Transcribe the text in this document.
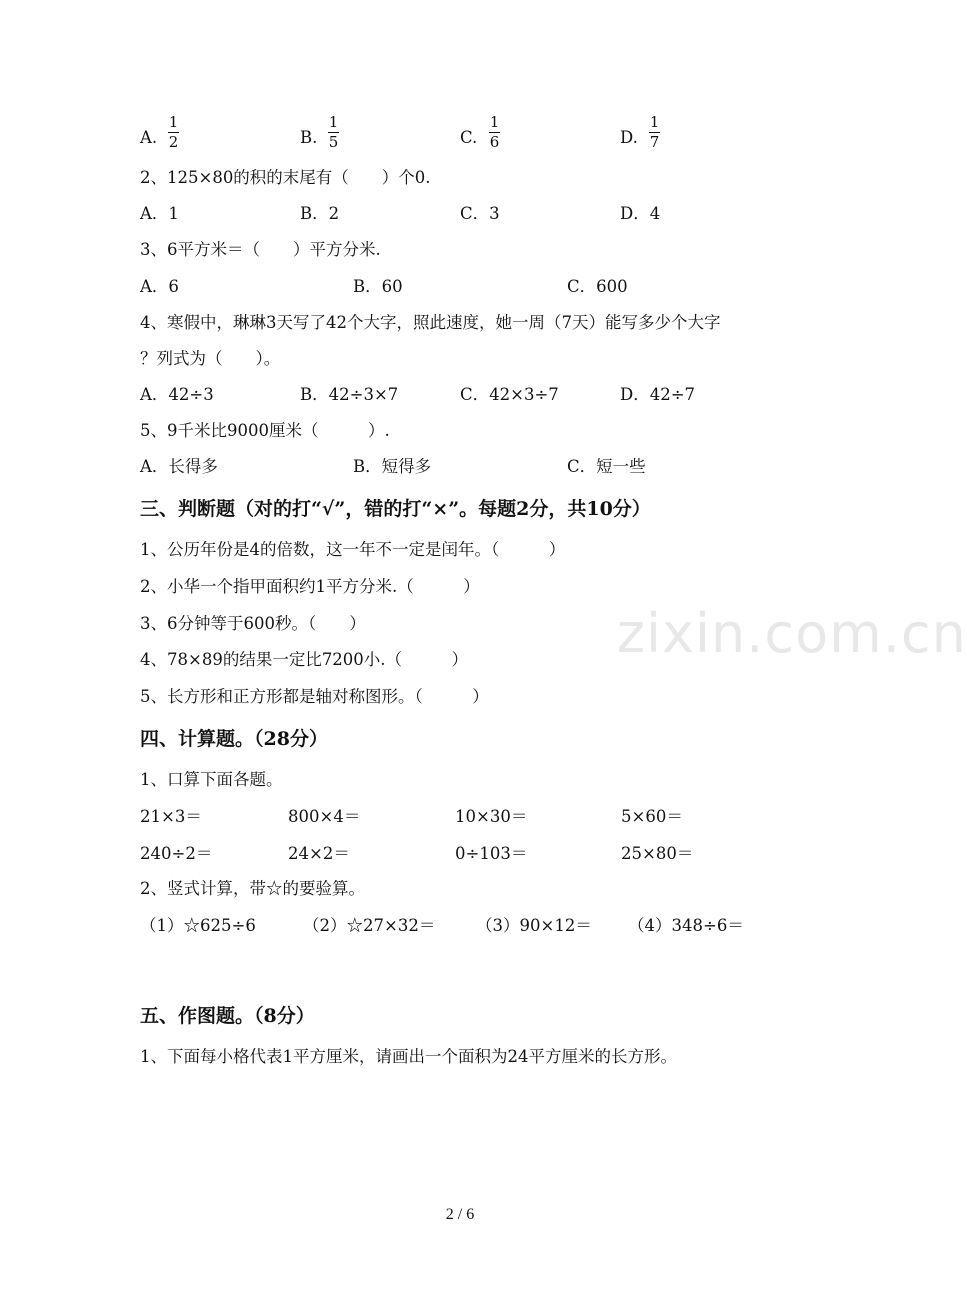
zixin.com.cn
A.
1
2	B.
1
5	C.
1
6	D.
1
7
2、125×80的积的末尾有（　　）个0.
A．1	B．2	C．3	D．4
3、6平方米＝（　　）平方分米.
A．6	B．60	C．600
4、寒假中，琳琳3天写了42个大字，照此速度，她一周（7天）能写多少个大字
？列式为（　　）。
A．42÷3	B．42÷3×7	C．42×3÷7	D．42÷7
5、9千米比9000厘米（　　　）.
A．长得多	B．短得多	C．短一些
三、判断题（对的打“√”，错的打“×”。每题2分，共10分）
1、公历年份是4的倍数，这一年不一定是闰年。（　　　）
2、小华一个指甲面积约1平方分米.（　　　）
3、6分钟等于600秒。（　　）
4、78×89的结果一定比7200小.（　　　）
5、长方形和正方形都是轴对称图形。（　　　）
四、计算题。（28分）
1、口算下面各题。
21×3＝	800×4＝	10×30＝	5×60＝
240÷2＝	24×2＝	0÷103＝	25×80＝
2、竖式计算，带☆的要验算。
（1）☆625÷6	（2）☆27×32＝ （3）90×12＝ （4）348÷6＝
五、作图题。（8分）
1、下面每小格代表1平方厘米，请画出一个面积为24平方厘米的长方形。
2 / 6
